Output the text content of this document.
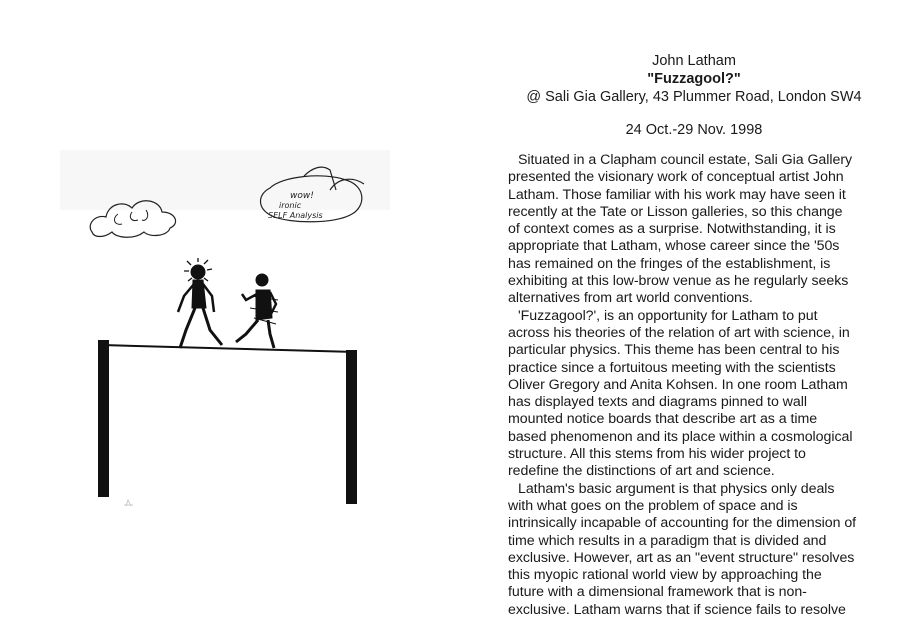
wow!
ironic
SELF Analysis
John Latham
"Fuzzagool?"
@ Sali Gia Gallery, 43 Plummer Road, London SW4
24 Oct.-29 Nov. 1998

Situated in a Clapham council estate, Sali Gia Gallery
presented the visionary work of conceptual artist John
Latham. Those familiar with his work may have seen it
recently at the Tate or Lisson galleries, so this change
of context comes as a surprise. Notwithstanding, it is
appropriate that Latham, whose career since the '50s
has remained on the fringes of the establishment, is
exhibiting at this low-brow venue as he regularly seeks
alternatives from art world conventions.

'Fuzzagool?', is an opportunity for Latham to put
across his theories of the relation of art with science, in
particular physics. This theme has been central to his
practice since a fortuitous meeting with the scientists
Oliver Gregory and Anita Kohsen. In one room Latham
has displayed texts and diagrams pinned to wall
mounted notice boards that describe art as a time
based phenomenon and its place within a cosmological
structure. All this stems from his wider project to
redefine the distinctions of art and science.

Latham's basic argument is that physics only deals
with what goes on the problem of space and is
intrinsically incapable of accounting for the dimension of
time which results in a paradigm that is divided and
exclusive. However, art as an "event structure" resolves
this myopic rational world view by approaching the
future with a dimensional framework that is non-
exclusive. Latham warns that if science fails to resolve
